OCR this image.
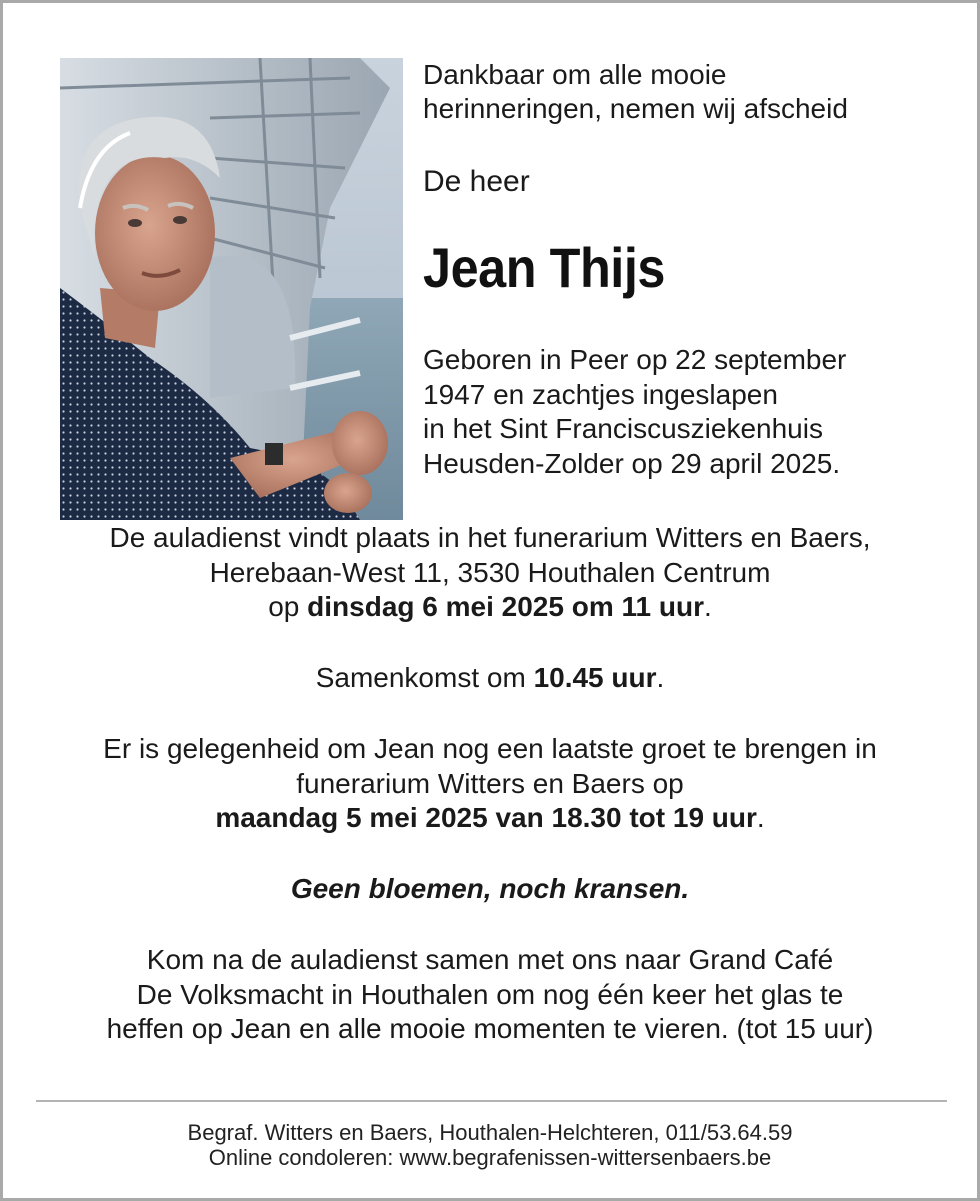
Dankbaar om alle mooie
herinneringen, nemen wij afscheid
De heer
Jean Thijs
Geboren in Peer op 22 september
1947 en zachtjes ingeslapen
in het Sint Franciscusziekenhuis
Heusden-Zolder op 29 april 2025.
De auladienst vindt plaats in het funerarium Witters en Baers,
Herebaan-West 11, 3530 Houthalen Centrum
op dinsdag 6 mei 2025 om 11 uur.
Samenkomst om 10.45 uur.
Er is gelegenheid om Jean nog een laatste groet te brengen in
funerarium Witters en Baers op
maandag 5 mei 2025 van 18.30 tot 19 uur.
Geen bloemen, noch kransen.
Kom na de auladienst samen met ons naar Grand Café
De Volksmacht in Houthalen om nog één keer het glas te
heffen op Jean en alle mooie momenten te vieren. (tot 15 uur)
Begraf. Witters en Baers, Houthalen-Helchteren, 011/53.64.59
Online condoleren: www.begrafenissen-wittersenbaers.be
